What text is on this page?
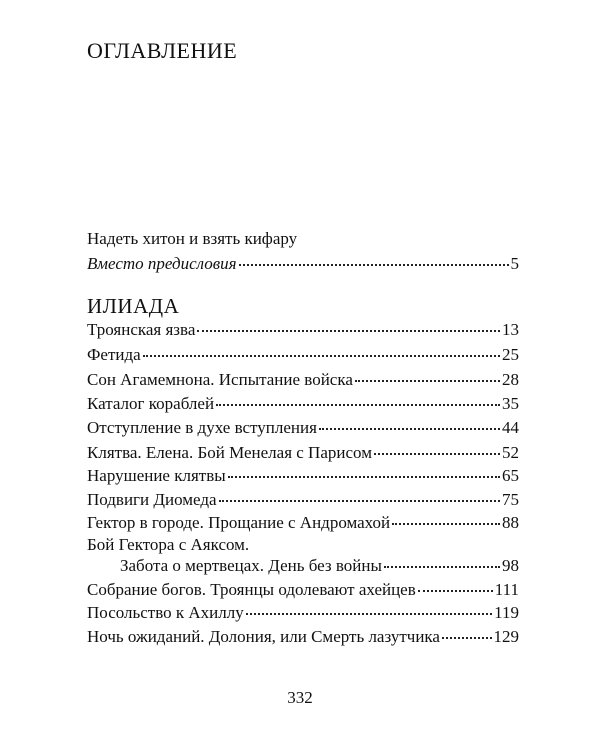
ОГЛАВЛЕНИЕ
Надеть хитон и взять кифару
Вместо предисловия	5
ИЛИАДА
Троянская язва	13
Фетида	25
Сон Агамемнона. Испытание войска	28
Каталог кораблей	35
Отступление в духе вступления	44
Клятва. Елена. Бой Менелая с Парисом	52
Нарушение клятвы	65
Подвиги Диомеда	75
Гектор в городе. Прощание с Андромахой	88
Бой Гектора с Аяксом.
Забота о мертвецах. День без войны	98
Собрание богов. Троянцы одолевают ахейцев	111
Посольство к Ахиллу	119
Ночь ожиданий. Долония, или Смерть лазутчика	129
332
